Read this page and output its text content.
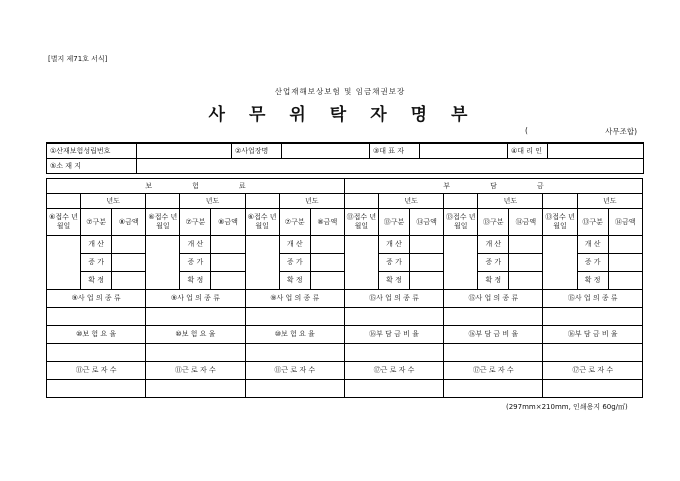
[별지 제71호 서식]
산업재해보상보험 및 임금채권보장
사무위탁자명부
(	사무조합)
①산재보험성립번호		②사업장명		③대 표 자		④대 리 인	
⑤소 재 지							
보험료									부담금								
	년도			년도			년도			년도			년도			년도	
⑥접수 년월일	⑦구분	⑧금액	⑥접수 년월일	⑦구분	⑧금액	⑥접수 년월일	⑦구분	⑧금액	⑬접수 년월일	⑬구분	⑭금액	⑬접수 년월일	⑬구분	⑭금액	⑬접수 년월일	⑬구분	⑭금액
	개 산			개 산			개 산			개 산			개 산			개 산	
	증 가			증 가			증 가			증 가			증 가			증 가	
	확 정			확 정			확 정			확 정			확 정			확 정	
⑨사 업 의 종 류			⑨사 업 의 종 류			⑨사 업 의 종 류			⑮사 업 의 종 류			⑮사 업 의 종 류			⑮사 업 의 종 류		

⑩보 험 요 율			⑩보 험 요 율			⑩보 험 요 율			⑯부 담 금 비 율			⑯부 담 금 비 율			⑯부 담 금 비 율		

⑪근 로 자 수			⑪근 로 자 수			⑪근 로 자 수			⑰근 로 자 수			⑰근 로 자 수			⑰근 로 자 수		

(297mm×210mm, 인쇄용지 60g/㎡)
